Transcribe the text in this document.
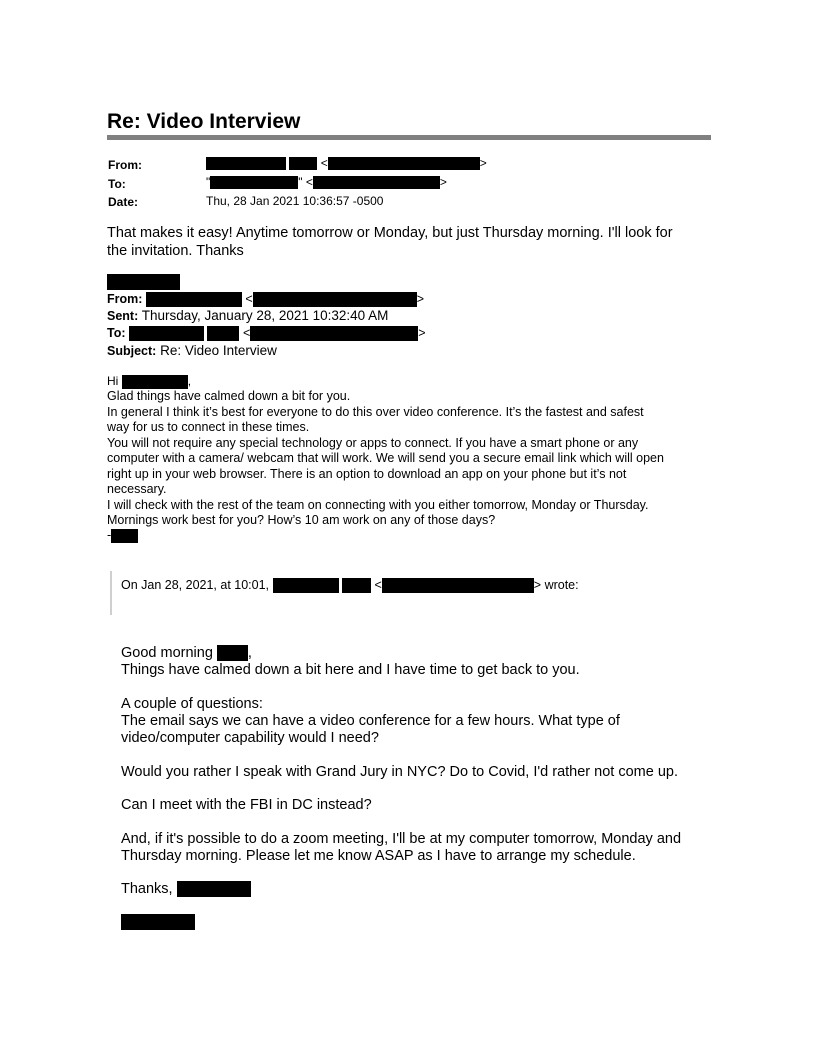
Re: Video Interview
From:	<	>
To:	"	" <	>
Date:	Thu, 28 Jan 2021 10:36:57 -0500
That makes it easy! Anytime tomorrow or Monday, but just Thursday morning. I'll look for
the invitation. Thanks
From:	<	>
Sent: Thursday, January 28, 2021 10:32:40 AM
To:	<	>
Subject: Re: Video Interview
Hi	,
Glad things have calmed down a bit for you.
In general I think it’s best for everyone to do this over video conference. It’s the fastest and safest
way for us to connect in these times.
You will not require any special technology or apps to connect. If you have a smart phone or any
computer with a camera/ webcam that will work. We will send you a secure email link which will open
right up in your web browser. There is an option to download an app on your phone but it’s not
necessary.
I will check with the rest of the team on connecting with you either tomorrow, Monday or Thursday.
Mornings work best for you? How’s 10 am work on any of those days?
-
On Jan 28, 2021, at 10:01,	<	> wrote:
Good morning ,
Things have calmed down a bit here and I have time to get back to you.
A couple of questions:
The email says we can have a video conference for a few hours. What type of
video/computer capability would I need?
Would you rather I speak with Grand Jury in NYC? Do to Covid, I'd rather not come up.
Can I meet with the FBI in DC instead?
And, if it's possible to do a zoom meeting, I'll be at my computer tomorrow, Monday and
Thursday morning. Please let me know ASAP as I have to arrange my schedule.
Thanks,
